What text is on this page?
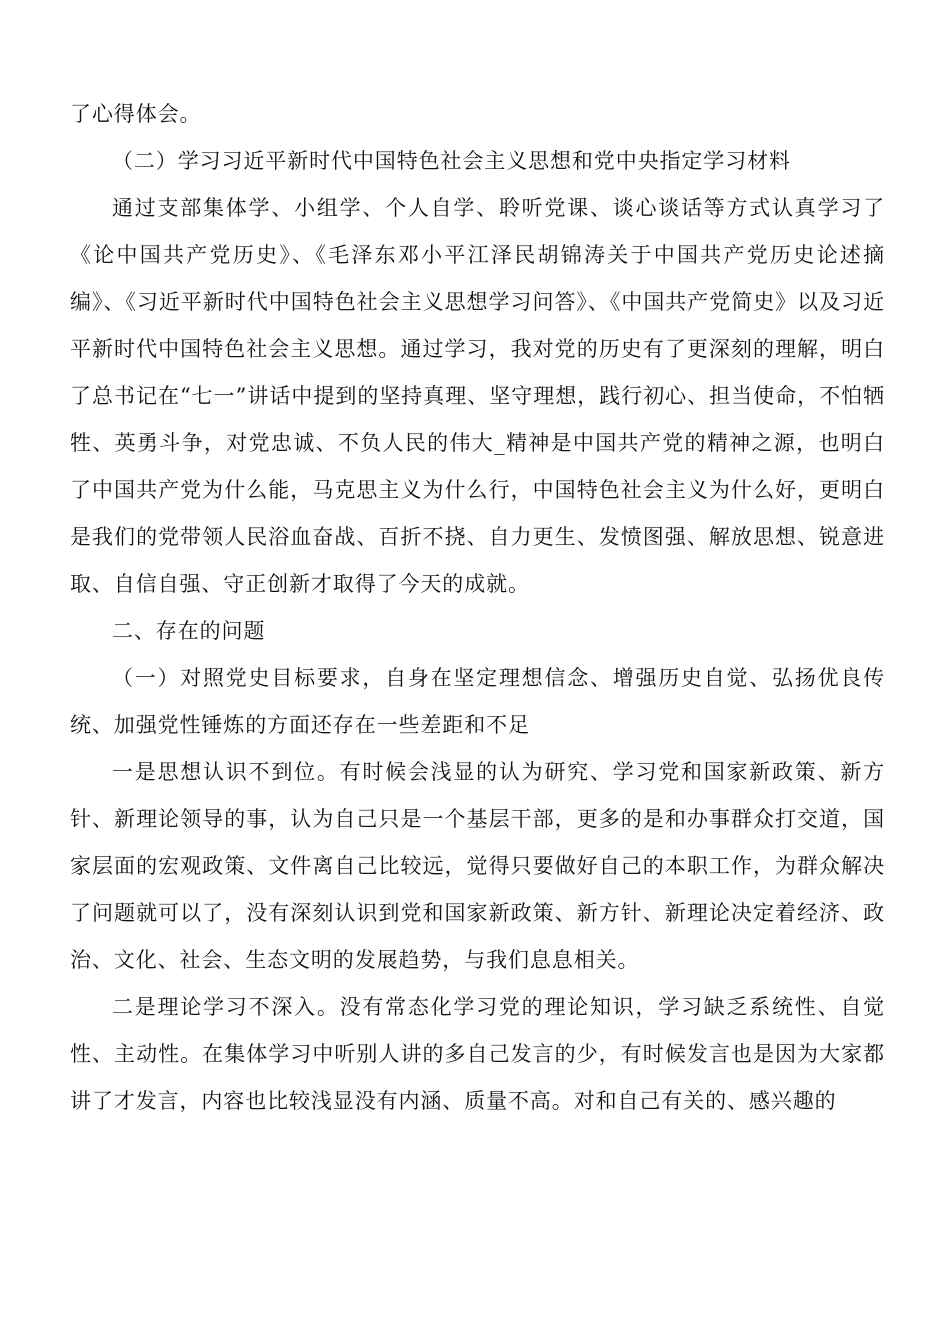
了心得体会。

（二）学习习近平新时代中国特色社会主义思想和党中央指定学习材料

通过支部集体学、小组学、个人自学、聆听党课、谈心谈话等方式认真学习了《论中国共产党历史》、《毛泽东邓小平江泽民胡锦涛关于中国共产党历史论述摘编》、《习近平新时代中国特色社会主义思想学习问答》、《中国共产党简史》以及习近平新时代中国特色社会主义思想。通过学习，我对党的历史有了更深刻的理解，明白了总书记在“七一”讲话中提到的坚持真理、坚守理想，践行初心、担当使命，不怕牺牲、英勇斗争，对党忠诚、不负人民的伟大_精神是中国共产党的精神之源，也明白了中国共产党为什么能，马克思主义为什么行，中国特色社会主义为什么好，更明白是我们的党带领人民浴血奋战、百折不挠、自力更生、发愤图强、解放思想、锐意进取、自信自强、守正创新才取得了今天的成就。

二、存在的问题

（一）对照党史目标要求，自身在坚定理想信念、增强历史自觉、弘扬优良传统、加强党性锤炼的方面还存在一些差距和不足

一是思想认识不到位。有时候会浅显的认为研究、学习党和国家新政策、新方针、新理论领导的事，认为自己只是一个基层干部，更多的是和办事群众打交道，国家层面的宏观政策、文件离自己比较远，觉得只要做好自己的本职工作，为群众解决了问题就可以了，没有深刻认识到党和国家新政策、新方针、新理论决定着经济、政治、文化、社会、生态文明的发展趋势，与我们息息相关。

二是理论学习不深入。没有常态化学习党的理论知识，学习缺乏系统性、自觉性、主动性。在集体学习中听别人讲的多自己发言的少，有时候发言也是因为大家都讲了才发言，内容也比较浅显没有内涵、质量不高。对和自己有关的、感兴趣的
